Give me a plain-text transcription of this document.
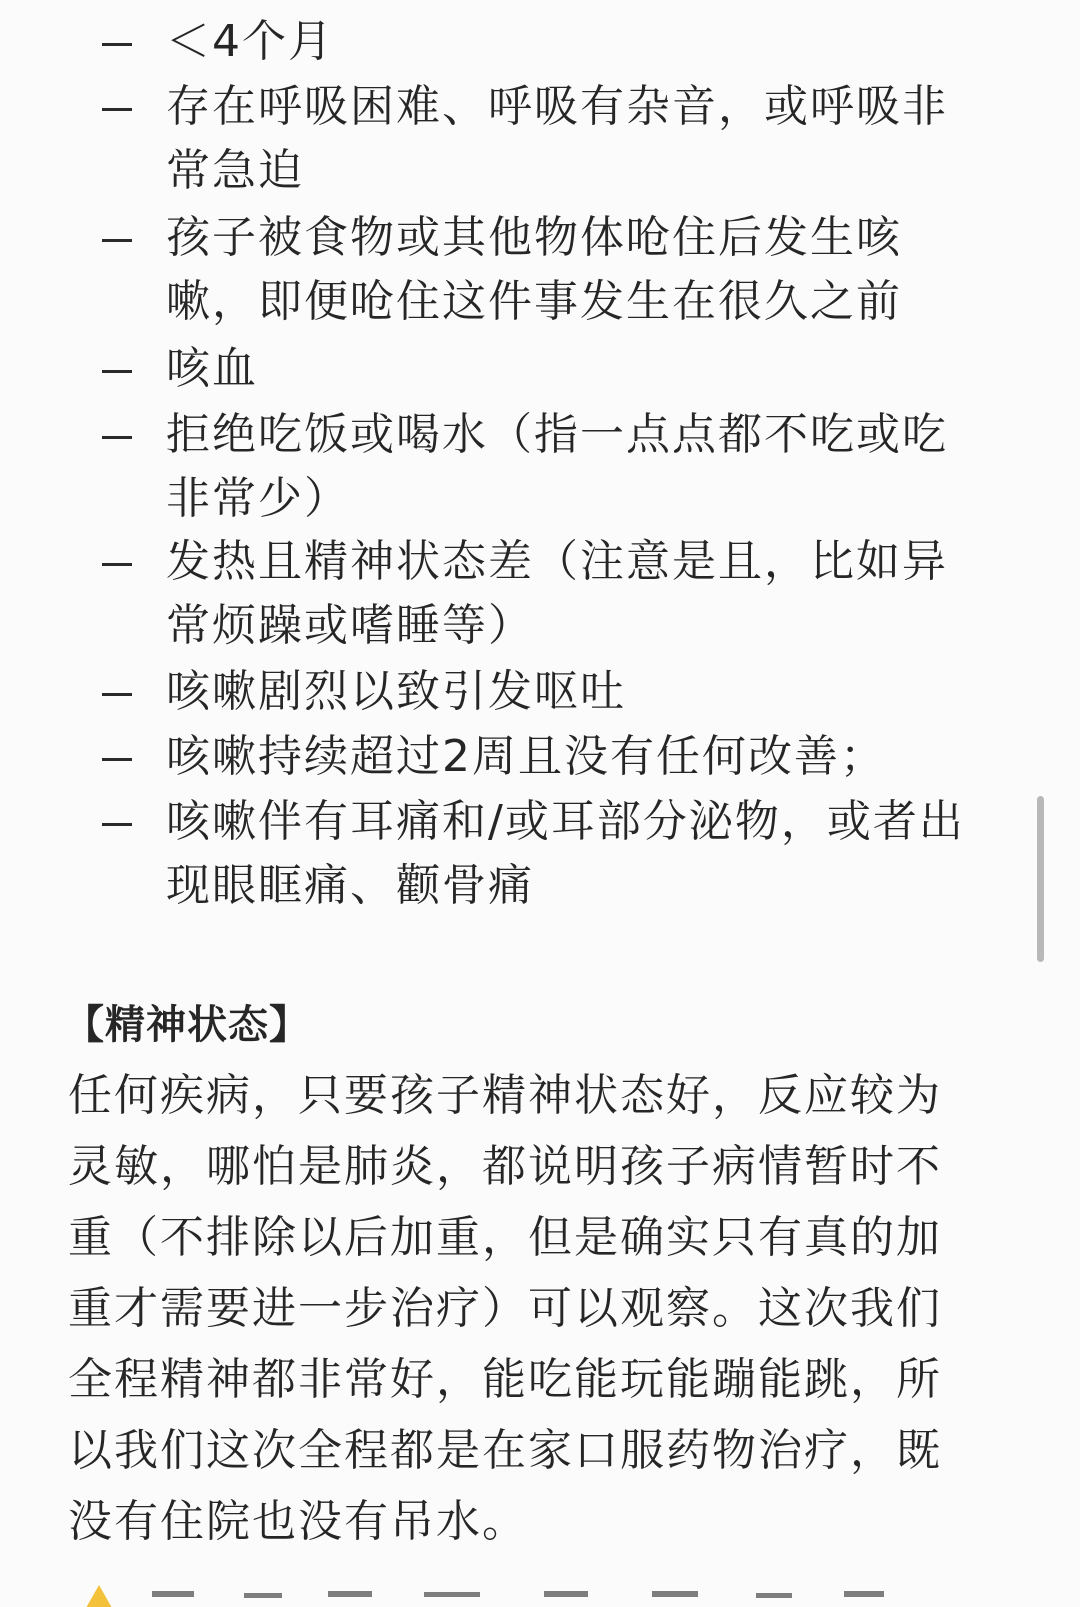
＜4个月
存在呼吸困难、呼吸有杂音，或呼吸非常急迫
孩子被食物或其他物体呛住后发生咳嗽，即便呛住这件事发生在很久之前
咳血
拒绝吃饭或喝水（指一点点都不吃或吃非常少）
发热且精神状态差（注意是且，比如异常烦躁或嗜睡等）
咳嗽剧烈以致引发呕吐
咳嗽持续超过2周且没有任何改善；
咳嗽伴有耳痛和/或耳部分泌物，或者出现眼眶痛、颧骨痛
【精神状态】
任何疾病，只要孩子精神状态好，反应较为灵敏，哪怕是肺炎，都说明孩子病情暂时不重（不排除以后加重，但是确实只有真的加重才需要进一步治疗）可以观察。这次我们全程精神都非常好，能吃能玩能蹦能跳，所以我们这次全程都是在家口服药物治疗，既没有住院也没有吊水。
